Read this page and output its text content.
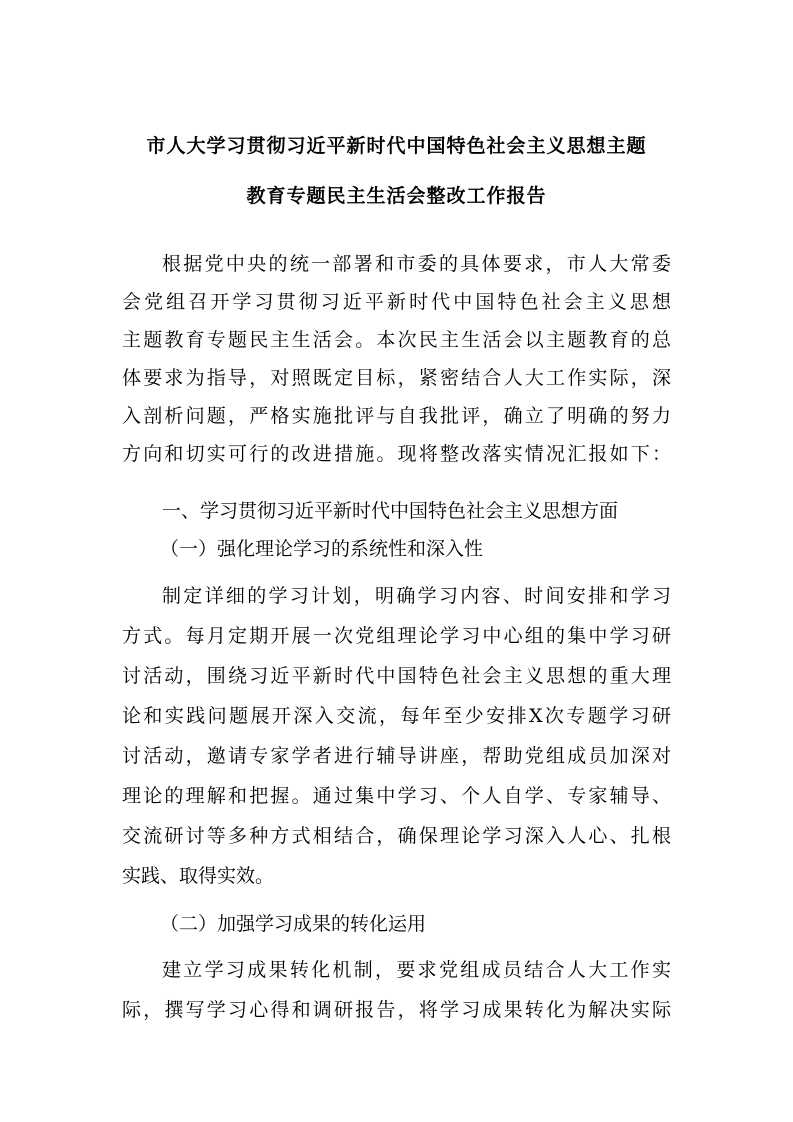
市人大学习贯彻习近平新时代中国特色社会主义思想主题
教育专题民主生活会整改工作报告
根据党中央的统一部署和市委的具体要求，市人大常委
会党组召开学习贯彻习近平新时代中国特色社会主义思想
主题教育专题民主生活会。本次民主生活会以主题教育的总
体要求为指导，对照既定目标，紧密结合人大工作实际，深
入剖析问题，严格实施批评与自我批评，确立了明确的努力
方向和切实可行的改进措施。现将整改落实情况汇报如下：
一、学习贯彻习近平新时代中国特色社会主义思想方面
（一）强化理论学习的系统性和深入性
制定详细的学习计划，明确学习内容、时间安排和学习
方式。每月定期开展一次党组理论学习中心组的集中学习研
讨活动，围绕习近平新时代中国特色社会主义思想的重大理
论和实践问题展开深入交流，每年至少安排X次专题学习研
讨活动，邀请专家学者进行辅导讲座，帮助党组成员加深对
理论的理解和把握。通过集中学习、个人自学、专家辅导、
交流研讨等多种方式相结合，确保理论学习深入人心、扎根
实践、取得实效。
（二）加强学习成果的转化运用
建立学习成果转化机制，要求党组成员结合人大工作实
际，撰写学习心得和调研报告，将学习成果转化为解决实际
